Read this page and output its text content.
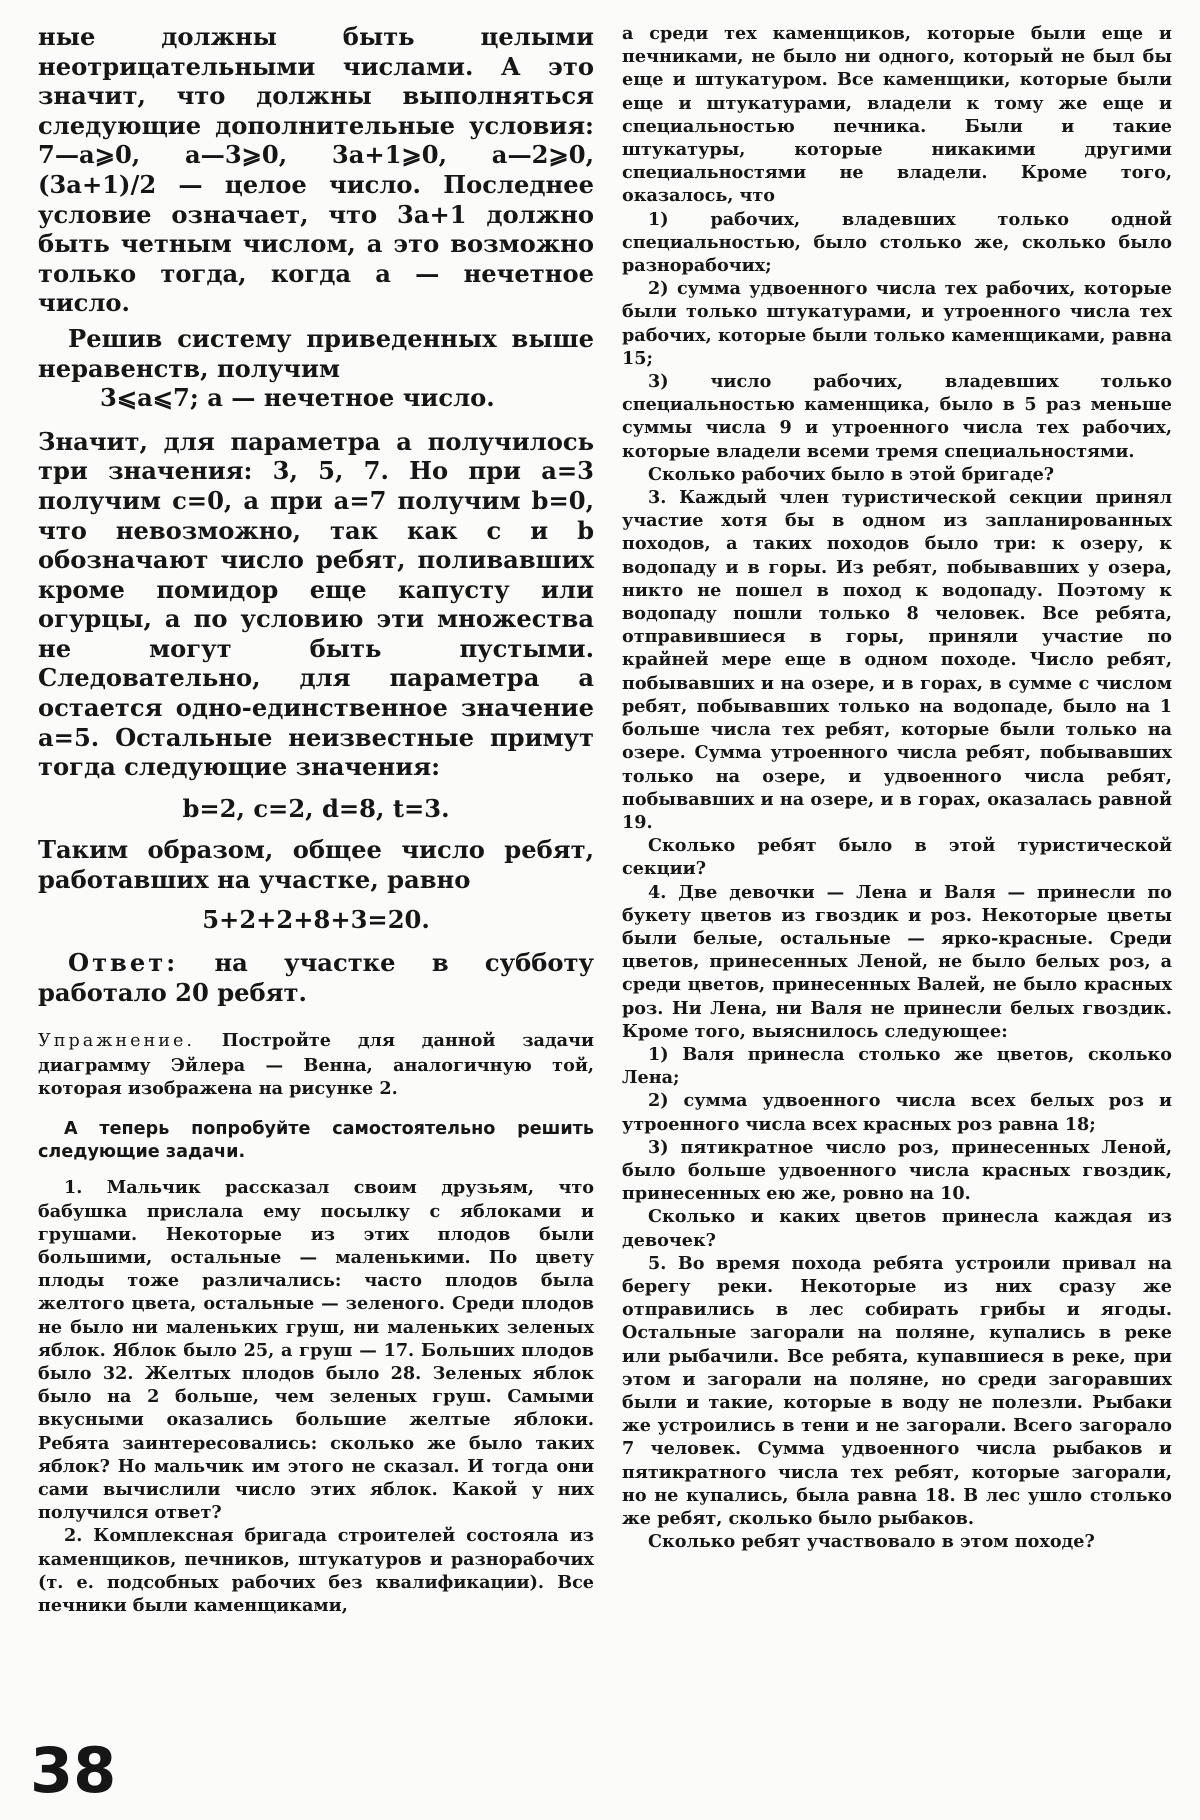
ные должны быть целыми неотрицательными числами. А это значит, что должны выполняться следующие дополнительные условия: 7—a⩾0, a—3⩾0, 3a+1⩾0, a—2⩾0, (3a+1)/2 — целое число. Последнее условие означает, что 3a+1 должно быть четным числом, а это возможно только тогда, когда a — нечетное число.

Решив систему приведенных выше неравенств, получим

3⩽a⩽7; a — нечетное число.

Значит, для параметра a получилось три значения: 3, 5, 7. Но при a=3 получим c=0, а при a=7 получим b=0, что невозможно, так как c и b обозначают число ребят, поливавших кроме помидор еще капусту или огурцы, а по условию эти множества не могут быть пустыми. Следовательно, для параметра a остается одно-единственное значение a=5. Остальные неизвестные примут тогда следующие значения:

b=2, c=2, d=8, t=3.

Таким образом, общее число ребят, работавших на участке, равно

5+2+2+8+3=20.

Ответ: на участке в субботу работало 20 ребят.

Упражнение. Постройте для данной задачи диаграмму Эйлера — Венна, аналогичную той, которая изображена на рисунке 2.

А теперь попробуйте самостоятельно решить следующие задачи.

1. Мальчик рассказал своим друзьям, что бабушка прислала ему посылку с яблоками и грушами. Некоторые из этих плодов были большими, остальные — маленькими. По цвету плоды тоже различались: часто плодов была желтого цвета, остальные — зеленого. Среди плодов не было ни маленьких груш, ни маленьких зеленых яблок. Яблок было 25, а груш — 17. Больших плодов было 32. Желтых плодов было 28. Зеленых яблок было на 2 больше, чем зеленых груш. Самыми вкусными оказались большие желтые яблоки. Ребята заинтересовались: сколько же было таких яблок? Но мальчик им этого не сказал. И тогда они сами вычислили число этих яблок. Какой у них получился ответ?

2. Комплексная бригада строителей состояла из каменщиков, печников, штукатуров и разнорабочих (т. е. подсобных рабочих без квалификации). Все печники были каменщиками,

а среди тех каменщиков, которые были еще и печниками, не было ни одного, который не был бы еще и штукатуром. Все каменщики, которые были еще и штукатурами, владели к тому же еще и специальностью печника. Были и такие штукатуры, которые никакими другими специальностями не владели. Кроме того, оказалось, что

1) рабочих, владевших только одной специальностью, было столько же, сколько было разнорабочих;

2) сумма удвоенного числа тех рабочих, которые были только штукатурами, и утроенного числа тех рабочих, которые были только каменщиками, равна 15;

3) число рабочих, владевших только специальностью каменщика, было в 5 раз меньше суммы числа 9 и утроенного числа тех рабочих, которые владели всеми тремя специальностями.

Сколько рабочих было в этой бригаде?

3. Каждый член туристической секции принял участие хотя бы в одном из запланированных походов, а таких походов было три: к озеру, к водопаду и в горы. Из ребят, побывавших у озера, никто не пошел в поход к водопаду. Поэтому к водопаду пошли только 8 человек. Все ребята, отправившиеся в горы, приняли участие по крайней мере еще в одном походе. Число ребят, побывавших и на озере, и в горах, в сумме с числом ребят, побывавших только на водопаде, было на 1 больше числа тех ребят, которые были только на озере. Сумма утроенного числа ребят, побывавших только на озере, и удвоенного числа ребят, побывавших и на озере, и в горах, оказалась равной 19.

Сколько ребят было в этой туристической секции?

4. Две девочки — Лена и Валя — принесли по букету цветов из гвоздик и роз. Некоторые цветы были белые, остальные — ярко-красные. Среди цветов, принесенных Леной, не было белых роз, а среди цветов, принесенных Валей, не было красных роз. Ни Лена, ни Валя не принесли белых гвоздик. Кроме того, выяснилось следующее:

1) Валя принесла столько же цветов, сколько Лена;

2) сумма удвоенного числа всех белых роз и утроенного числа всех красных роз равна 18;

3) пятикратное число роз, принесенных Леной, было больше удвоенного числа красных гвоздик, принесенных ею же, ровно на 10.

Сколько и каких цветов принесла каждая из девочек?

5. Во время похода ребята устроили привал на берегу реки. Некоторые из них сразу же отправились в лес собирать грибы и ягоды. Остальные загорали на поляне, купались в реке или рыбачили. Все ребята, купавшиеся в реке, при этом и загорали на поляне, но среди загоравших были и такие, которые в воду не полезли. Рыбаки же устроились в тени и не загорали. Всего загорало 7 человек. Сумма удвоенного числа рыбаков и пятикратного числа тех ребят, которые загорали, но не купались, была равна 18. В лес ушло столько же ребят, сколько было рыбаков.

Сколько ребят участвовало в этом походе?

38
